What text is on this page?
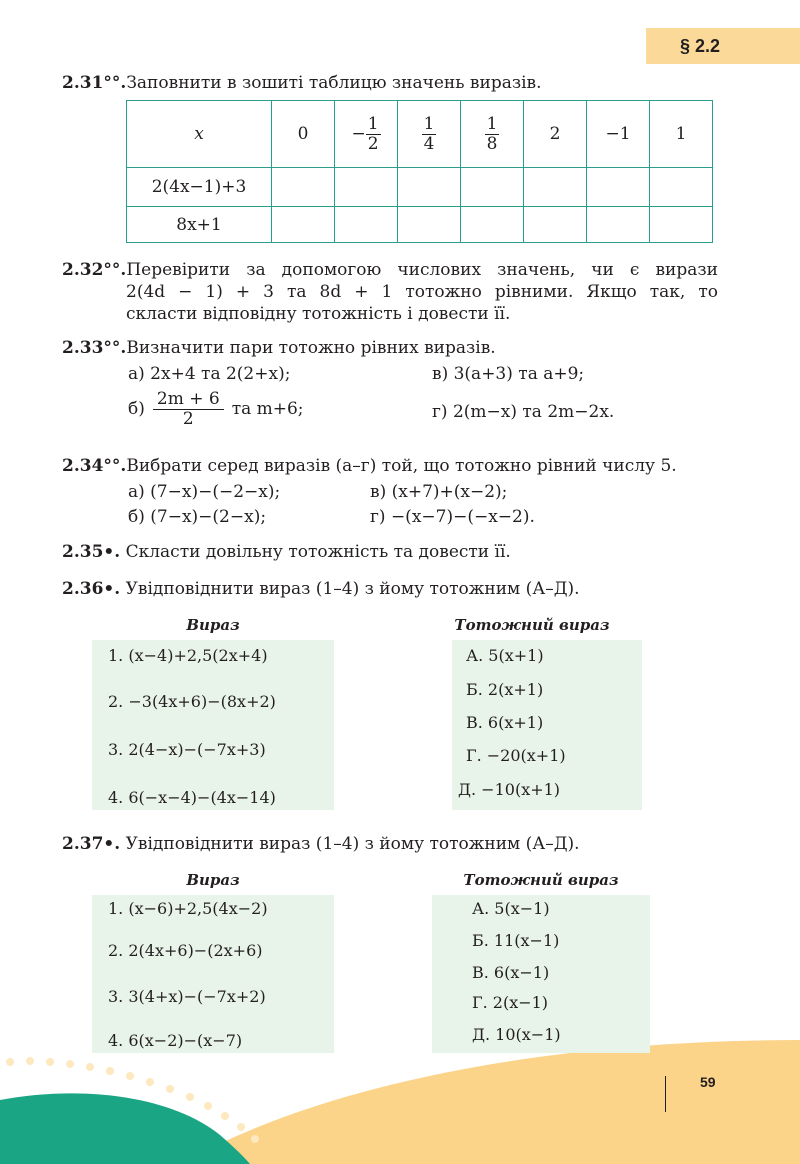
§ 2.2
2.31°°.Заповнити в зошиті таблицю значень виразів.
x	0	− $\frac{1}{2}$	$\frac{1}{4}$	$\frac{1}{8}$	2	−1	1
2(4x−1)+3							
8x+1							
2.32°°.Перевірити за допомогою числових значень, чи є вирази
2(4d − 1) + 3 та 8d + 1 тотожно рівними. Якщо так, то
скласти відповідну тотожність і довести її.
2.33°°.Визначити пари тотожно рівних виразів.
а) 2x+4 та 2(2+x);	в) 3(a+3) та a+9;
$б) \frac{2m + 6}{2}$ та m+6;	г) 2(m−x) та 2m−2x.
2.34°°.Вибрати серед виразів (а–г) той, що тотожно рівний числу 5.
а) (7−x)−(−2−x);	в) (x+7)+(x−2);
б) (7−x)−(2−x);	г) −(x−7)−(−x−2).
2.35•. Скласти довільну тотожність та довести її.
2.36•. Увідповіднити вираз (1–4) з йому тотожним (А–Д).
Вираз	Тотожний вираз
1. (x−4)+2,5(2x+4)
2. −3(4x+6)−(8x+2)
3. 2(4−x)−(−7x+3)
4. 6(−x−4)−(4x−14)
А. 5(x+1)
Б. 2(x+1)
В. 6(x+1)
Г. −20(x+1)
Д. −10(x+1)
2.37•. Увідповіднити вираз (1–4) з йому тотожним (А–Д).
Вираз	Тотожний вираз
1. (x−6)+2,5(4x−2)
2. 2(4x+6)−(2x+6)
3. 3(4+x)−(−7x+2)
4. 6(x−2)−(x−7)
А. 5(x−1)
Б. 11(x−1)
В. 6(x−1)
Г. 2(x−1)
Д. 10(x−1)
59
